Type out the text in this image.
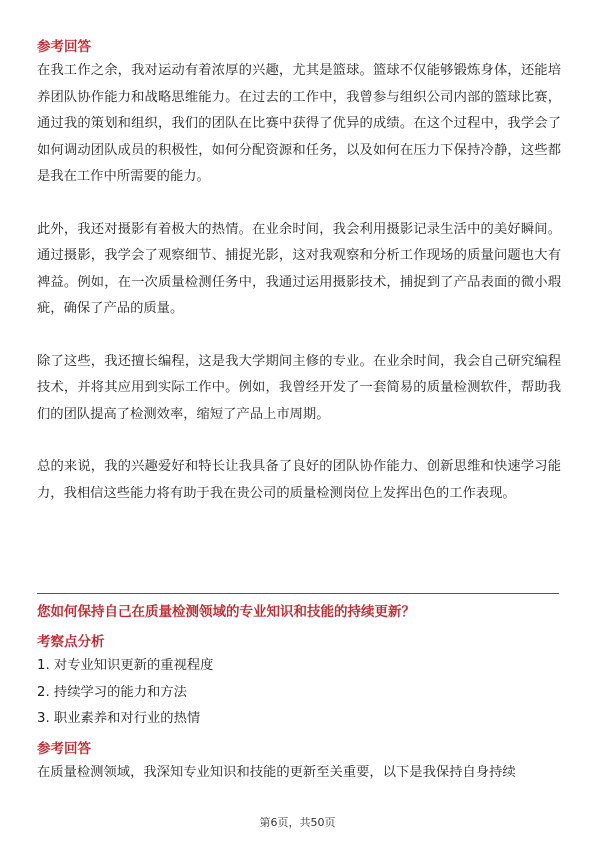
参考回答

在我工作之余，我对运动有着浓厚的兴趣，尤其是篮球。篮球不仅能够锻炼身体，还能培养团队协作能力和战略思维能力。在过去的工作中，我曾参与组织公司内部的篮球比赛，通过我的策划和组织，我们的团队在比赛中获得了优异的成绩。在这个过程中，我学会了如何调动团队成员的积极性，如何分配资源和任务，以及如何在压力下保持冷静，这些都是我在工作中所需要的能力。

此外，我还对摄影有着极大的热情。在业余时间，我会利用摄影记录生活中的美好瞬间。通过摄影，我学会了观察细节、捕捉光影，这对我观察和分析工作现场的质量问题也大有裨益。例如，在一次质量检测任务中，我通过运用摄影技术，捕捉到了产品表面的微小瑕疵，确保了产品的质量。

除了这些，我还擅长编程，这是我大学期间主修的专业。在业余时间，我会自己研究编程技术，并将其应用到实际工作中。例如，我曾经开发了一套简易的质量检测软件，帮助我们的团队提高了检测效率，缩短了产品上市周期。

总的来说，我的兴趣爱好和特长让我具备了良好的团队协作能力、创新思维和快速学习能力，我相信这些能力将有助于我在贵公司的质量检测岗位上发挥出色的工作表现。

您如何保持自己在质量检测领域的专业知识和技能的持续更新？

考察点分析

1. 对专业知识更新的重视程度

2. 持续学习的能力和方法

3. 职业素养和对行业的热情

参考回答

在质量检测领域，我深知专业知识和技能的更新至关重要，以下是我保持自身持续

第6页，共50页
